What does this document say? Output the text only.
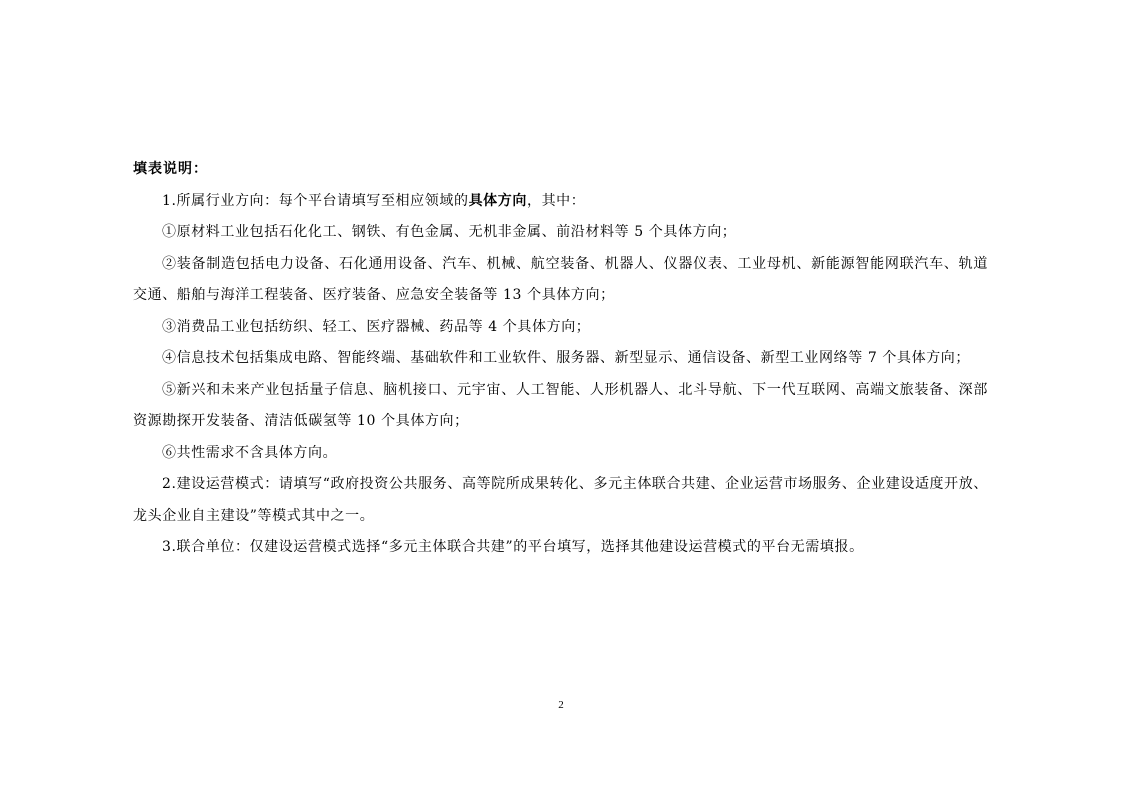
填表说明：

1.所属行业方向：每个平台请填写至相应领域的具体方向，其中：

①原材料工业包括石化化工、钢铁、有色金属、无机非金属、前沿材料等 5 个具体方向；

②装备制造包括电力设备、石化通用设备、汽车、机械、航空装备、机器人、仪器仪表、工业母机、新能源智能网联汽车、轨道交通、船舶与海洋工程装备、医疗装备、应急安全装备等 13 个具体方向；

③消费品工业包括纺织、轻工、医疗器械、药品等 4 个具体方向；

④信息技术包括集成电路、智能终端、基础软件和工业软件、服务器、新型显示、通信设备、新型工业网络等 7 个具体方向；

⑤新兴和未来产业包括量子信息、脑机接口、元宇宙、人工智能、人形机器人、北斗导航、下一代互联网、高端文旅装备、深部资源勘探开发装备、清洁低碳氢等 10 个具体方向；

⑥共性需求不含具体方向。

2.建设运营模式：请填写“政府投资公共服务、高等院所成果转化、多元主体联合共建、企业运营市场服务、企业建设适度开放、龙头企业自主建设”等模式其中之一。

3.联合单位：仅建设运营模式选择“多元主体联合共建”的平台填写，选择其他建设运营模式的平台无需填报。

2
